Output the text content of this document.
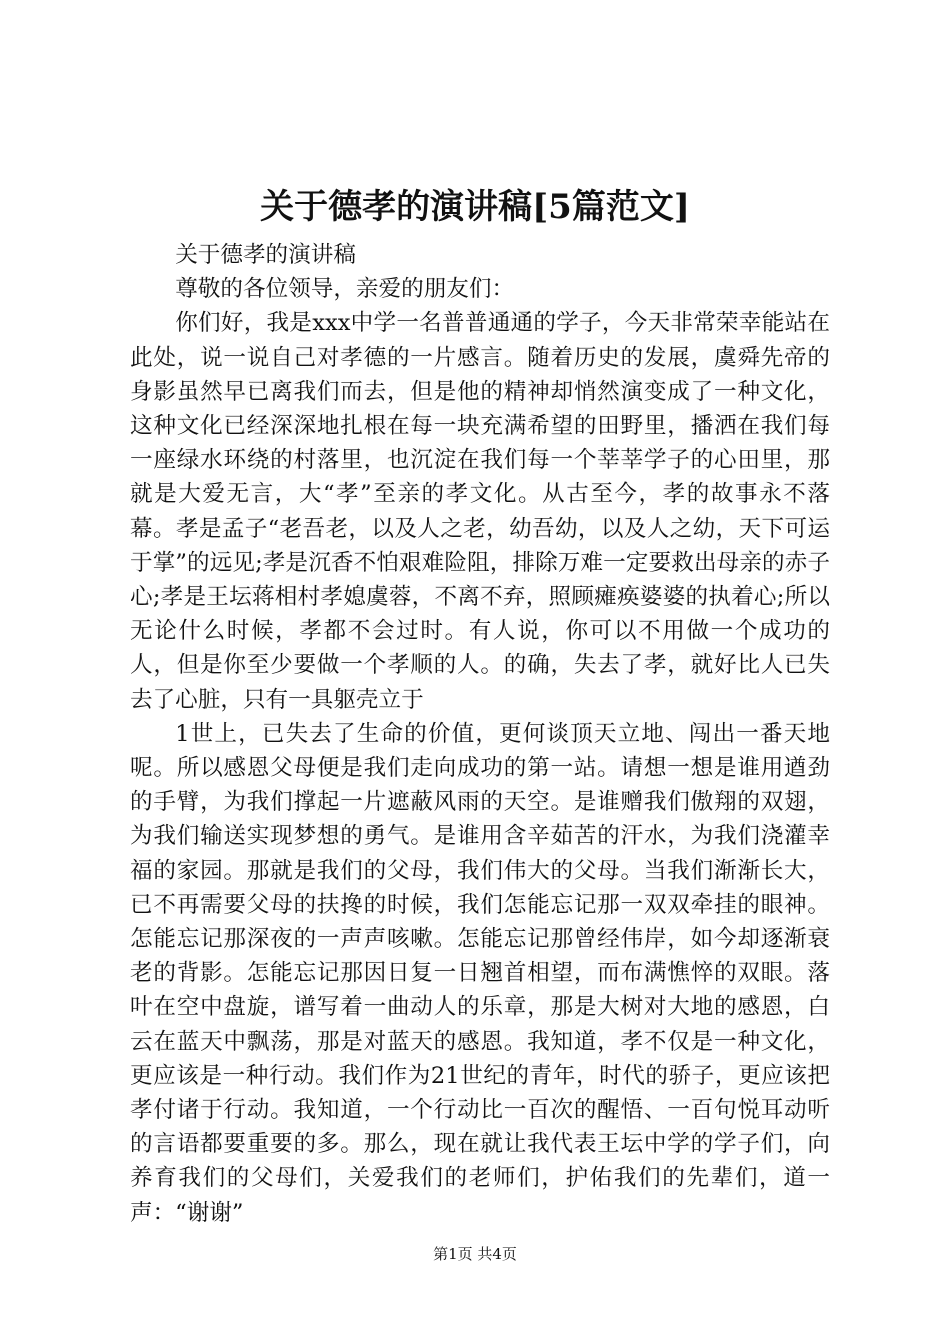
关于德孝的演讲稿[5篇范文]

关于德孝的演讲稿

尊敬的各位领导，亲爱的朋友们：

你们好，我是xxx中学一名普普通通的学子，今天非常荣幸能站在此处，说一说自己对孝德的一片感言。随着历史的发展，虞舜先帝的身影虽然早已离我们而去，但是他的精神却悄然演变成了一种文化，这种文化已经深深地扎根在每一块充满希望的田野里，播洒在我们每一座绿水环绕的村落里，也沉淀在我们每一个莘莘学子的心田里，那就是大爱无言，大“孝”至亲的孝文化。从古至今，孝的故事永不落幕。孝是孟子“老吾老，以及人之老，幼吾幼，以及人之幼，天下可运于掌”的远见;孝是沉香不怕艰难险阻，排除万难一定要救出母亲的赤子心;孝是王坛蒋相村孝媳虞蓉，不离不弃，照顾瘫痪婆婆的执着心;所以无论什么时候，孝都不会过时。有人说，你可以不用做一个成功的人，但是你至少要做一个孝顺的人。的确，失去了孝，就好比人已失去了心脏，只有一具躯壳立于

1世上，已失去了生命的价值，更何谈顶天立地、闯出一番天地呢。所以感恩父母便是我们走向成功的第一站。请想一想是谁用遒劲的手臂，为我们撑起一片遮蔽风雨的天空。是谁赠我们傲翔的双翅，为我们输送实现梦想的勇气。是谁用含辛茹苦的汗水，为我们浇灌幸福的家园。那就是我们的父母，我们伟大的父母。当我们渐渐长大，已不再需要父母的扶搀的时候，我们怎能忘记那一双双牵挂的眼神。怎能忘记那深夜的一声声咳嗽。怎能忘记那曾经伟岸，如今却逐渐衰老的背影。怎能忘记那因日复一日翘首相望，而布满憔悴的双眼。落叶在空中盘旋，谱写着一曲动人的乐章，那是大树对大地的感恩，白云在蓝天中飘荡，那是对蓝天的感恩。我知道，孝不仅是一种文化，更应该是一种行动。我们作为21世纪的青年，时代的骄子，更应该把孝付诸于行动。我知道，一个行动比一百次的醒悟、一百句悦耳动听的言语都要重要的多。那么，现在就让我代表王坛中学的学子们，向养育我们的父母们，关爱我们的老师们，护佑我们的先辈们，道一声：“谢谢”

第1页 共4页
